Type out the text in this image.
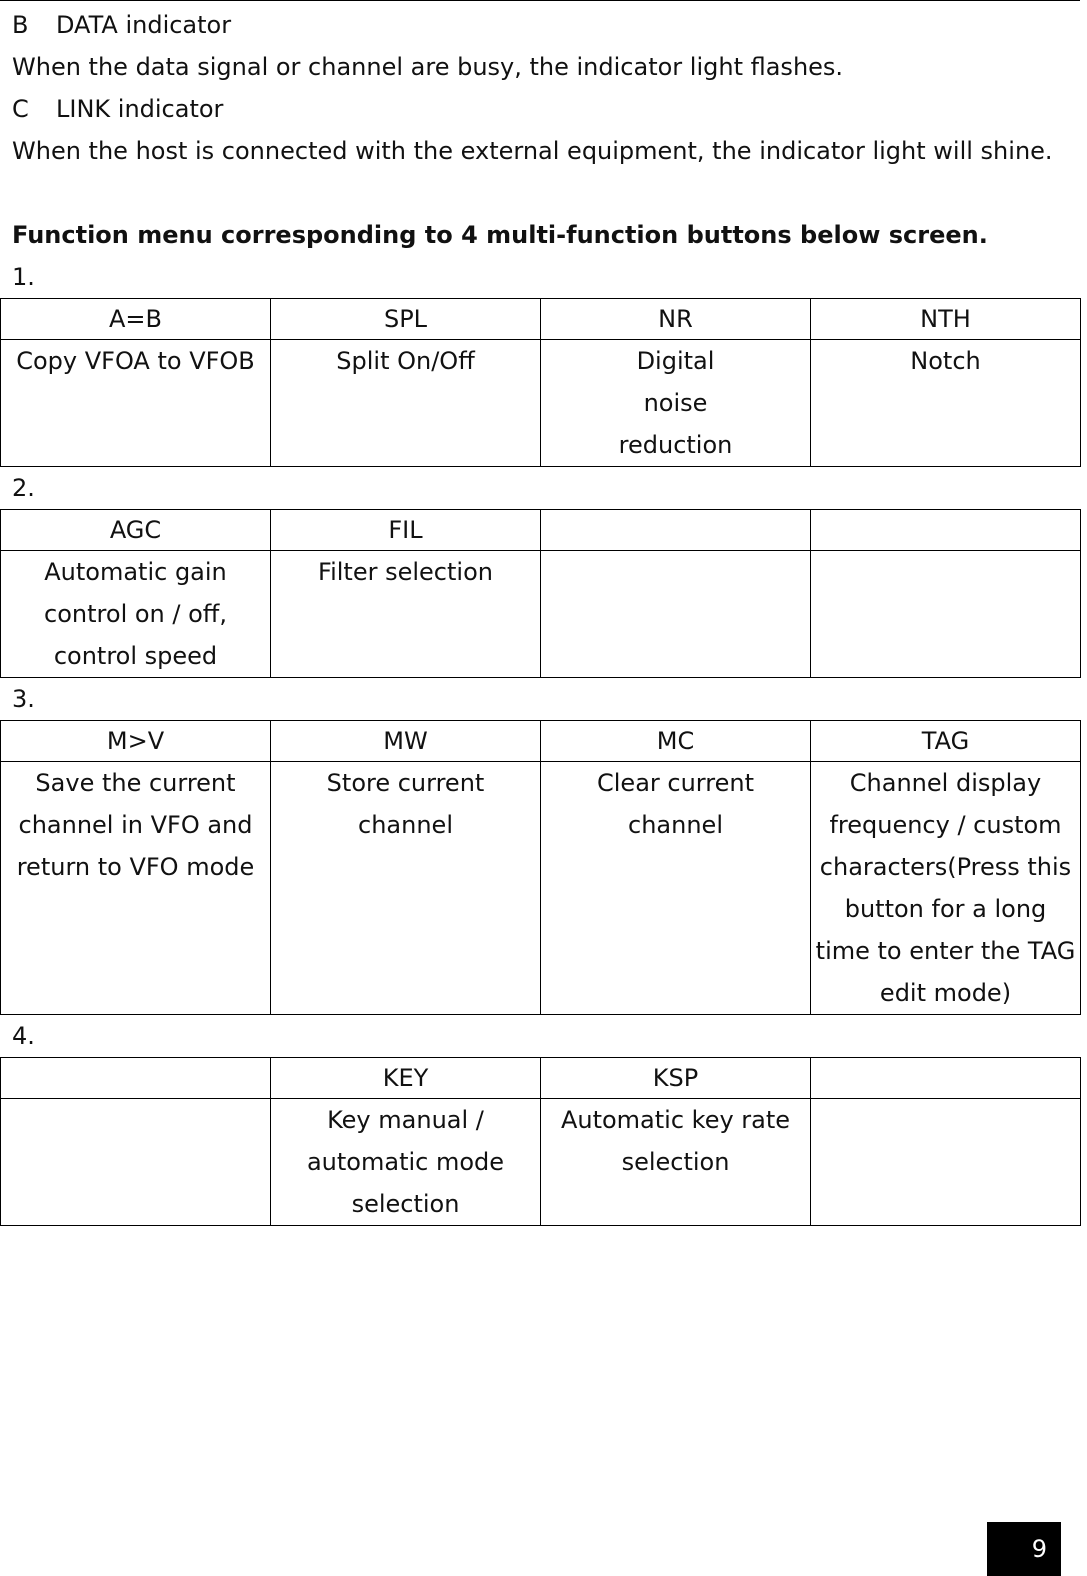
B DATA indicator
When the data signal or channel are busy, the indicator light flashes.
C LINK indicator
When the host is connected with the external equipment, the indicator light will shine.
Function menu corresponding to 4 multi-function buttons below screen.
1.
A=B	SPL	NR	NTH
Copy VFOA to VFOB	Split On/Off	Digital noise reduction	Notch
2.
AGC	FIL		
Automatic gain control on / off, control speed	Filter selection		
3.
M>V	MW	MC	TAG
Save the current channel in VFO and return to VFO mode	Store current channel	Clear current channel	Channel display frequency / custom characters(Press this button for a long time to enter the TAG edit mode)
4.
	KEY	KSP	
	Key manual / automatic mode selection	Automatic key rate selection	
9
